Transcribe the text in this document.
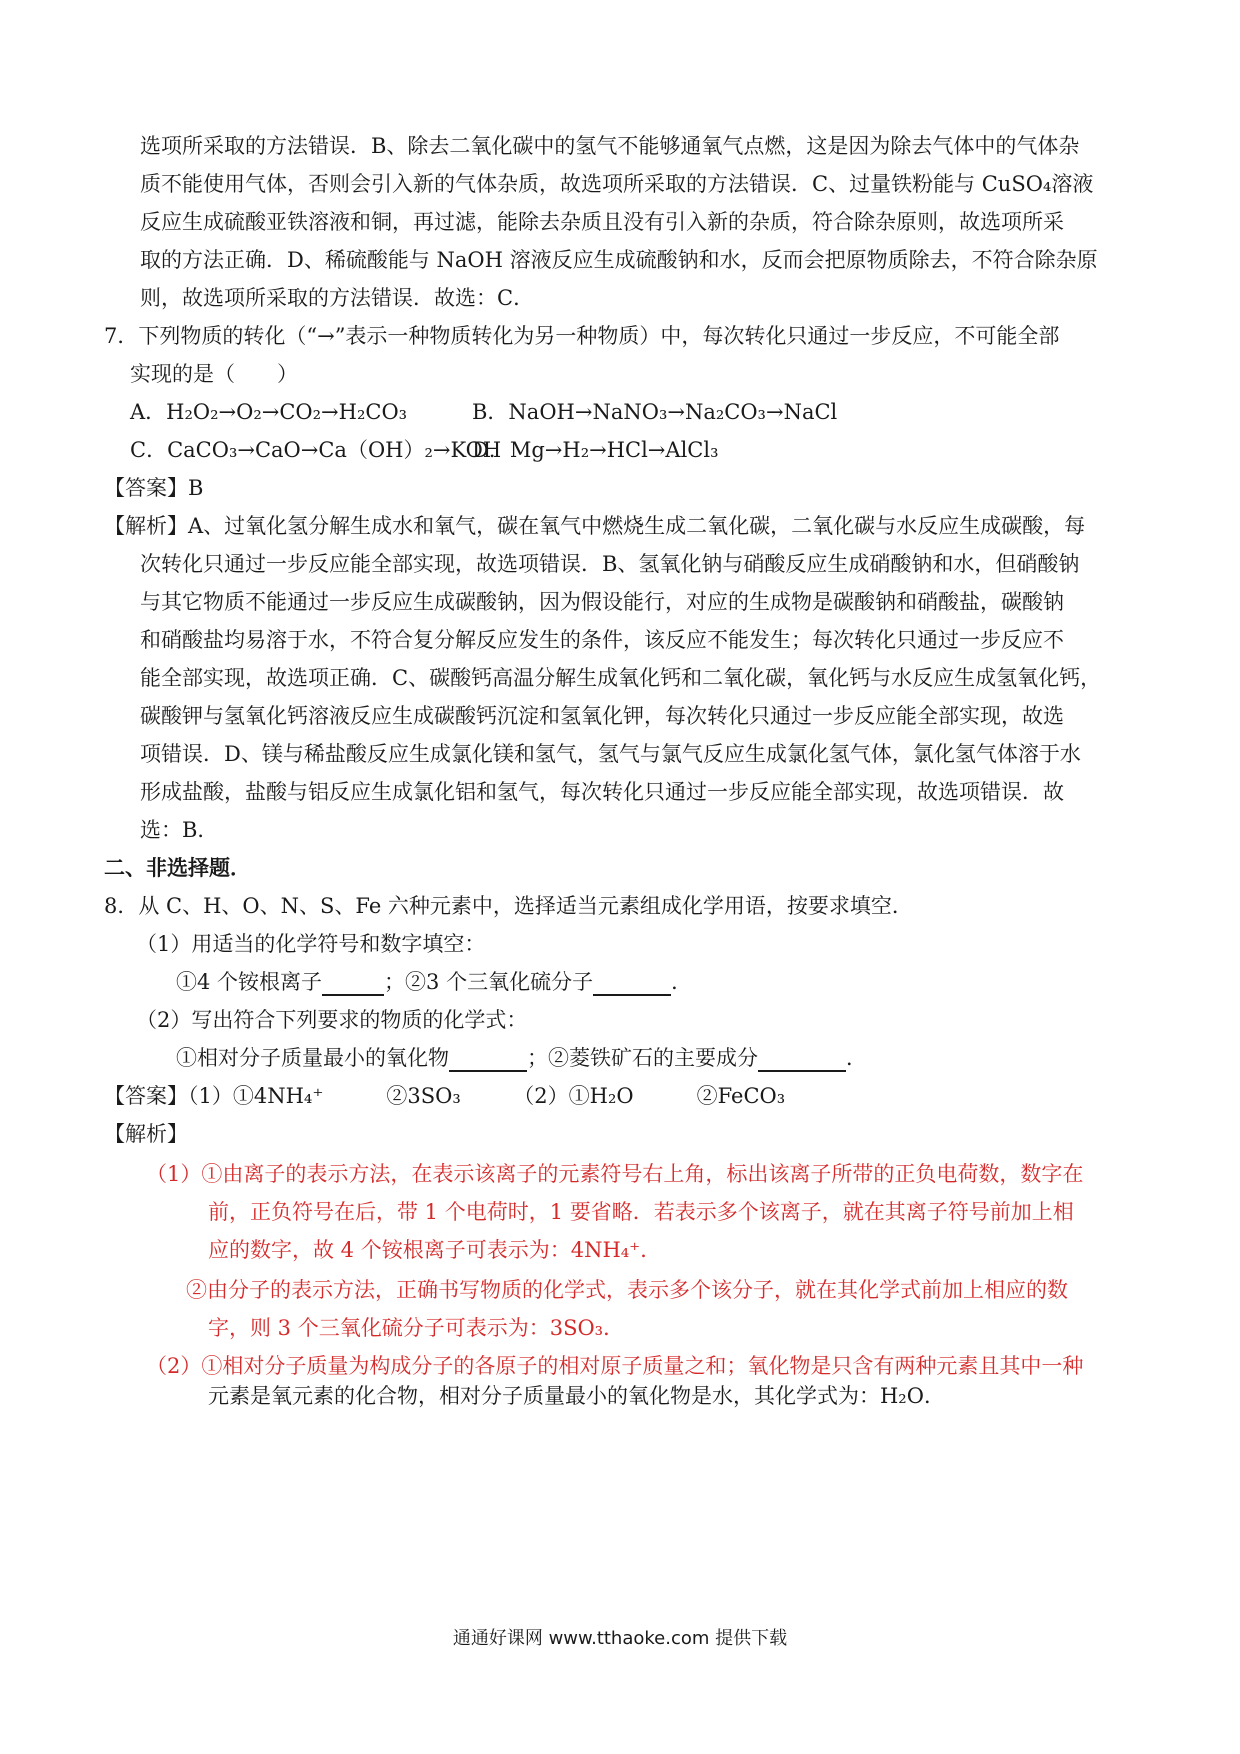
选项所采取的方法错误．B、除去二氧化碳中的氢气不能够通氧气点燃，这是因为除去气体中的气体杂
质不能使用气体，否则会引入新的气体杂质，故选项所采取的方法错误．C、过量铁粉能与 CuSO₄溶液
反应生成硫酸亚铁溶液和铜，再过滤，能除去杂质且没有引入新的杂质，符合除杂原则，故选项所采
取的方法正确．D、稀硫酸能与 NaOH 溶液反应生成硫酸钠和水，反而会把原物质除去，不符合除杂原
则，故选项所采取的方法错误．故选：C．
7．下列物质的转化（“→”表示一种物质转化为另一种物质）中，每次转化只通过一步反应，不可能全部
实现的是（　　）
A．H₂O₂→O₂→CO₂→H₂CO₃	B．NaOH→NaNO₃→Na₂CO₃→NaCl
C．CaCO₃→CaO→Ca（OH）₂→KOH
D．Mg→H₂→HCl→AlCl₃
【答案】B
【解析】A、过氧化氢分解生成水和氧气，碳在氧气中燃烧生成二氧化碳，二氧化碳与水反应生成碳酸，每
次转化只通过一步反应能全部实现，故选项错误．B、氢氧化钠与硝酸反应生成硝酸钠和水，但硝酸钠
与其它物质不能通过一步反应生成碳酸钠，因为假设能行，对应的生成物是碳酸钠和硝酸盐，碳酸钠
和硝酸盐均易溶于水，不符合复分解反应发生的条件，该反应不能发生；每次转化只通过一步反应不
能全部实现，故选项正确．C、碳酸钙高温分解生成氧化钙和二氧化碳，氧化钙与水反应生成氢氧化钙，
碳酸钾与氢氧化钙溶液反应生成碳酸钙沉淀和氢氧化钾，每次转化只通过一步反应能全部实现，故选
项错误．D、镁与稀盐酸反应生成氯化镁和氢气，氢气与氯气反应生成氯化氢气体，氯化氢气体溶于水
形成盐酸，盐酸与铝反应生成氯化铝和氢气，每次转化只通过一步反应能全部实现，故选项错误．故
选：B．
二、非选择题．
8．从 C、H、O、N、S、Fe 六种元素中，选择适当元素组成化学用语，按要求填空．
（1）用适当的化学符号和数字填空：
①4 个铵根离子	；②3 个三氧化硫分子	．
（2）写出符合下列要求的物质的化学式：
①相对分子质量最小的氧化物	；②菱铁矿石的主要成分	．
【答案】（1）①4NH₄⁺　　　②3SO₃　　　（2）①H₂O　　　②FeCO₃
【解析】
（1）①由离子的表示方法，在表示该离子的元素符号右上角，标出该离子所带的正负电荷数，数字在
前，正负符号在后，带 1 个电荷时，1 要省略．若表示多个该离子，就在其离子符号前加上相
应的数字，故 4 个铵根离子可表示为：4NH₄⁺．
②由分子的表示方法，正确书写物质的化学式，表示多个该分子，就在其化学式前加上相应的数
字，则 3 个三氧化硫分子可表示为：3SO₃．
（2）①相对分子质量为构成分子的各原子的相对原子质量之和；氧化物是只含有两种元素且其中一种
元素是氧元素的化合物，相对分子质量最小的氧化物是水，其化学式为：H₂O．
通通好课网 www.tthaoke.com 提供下载
